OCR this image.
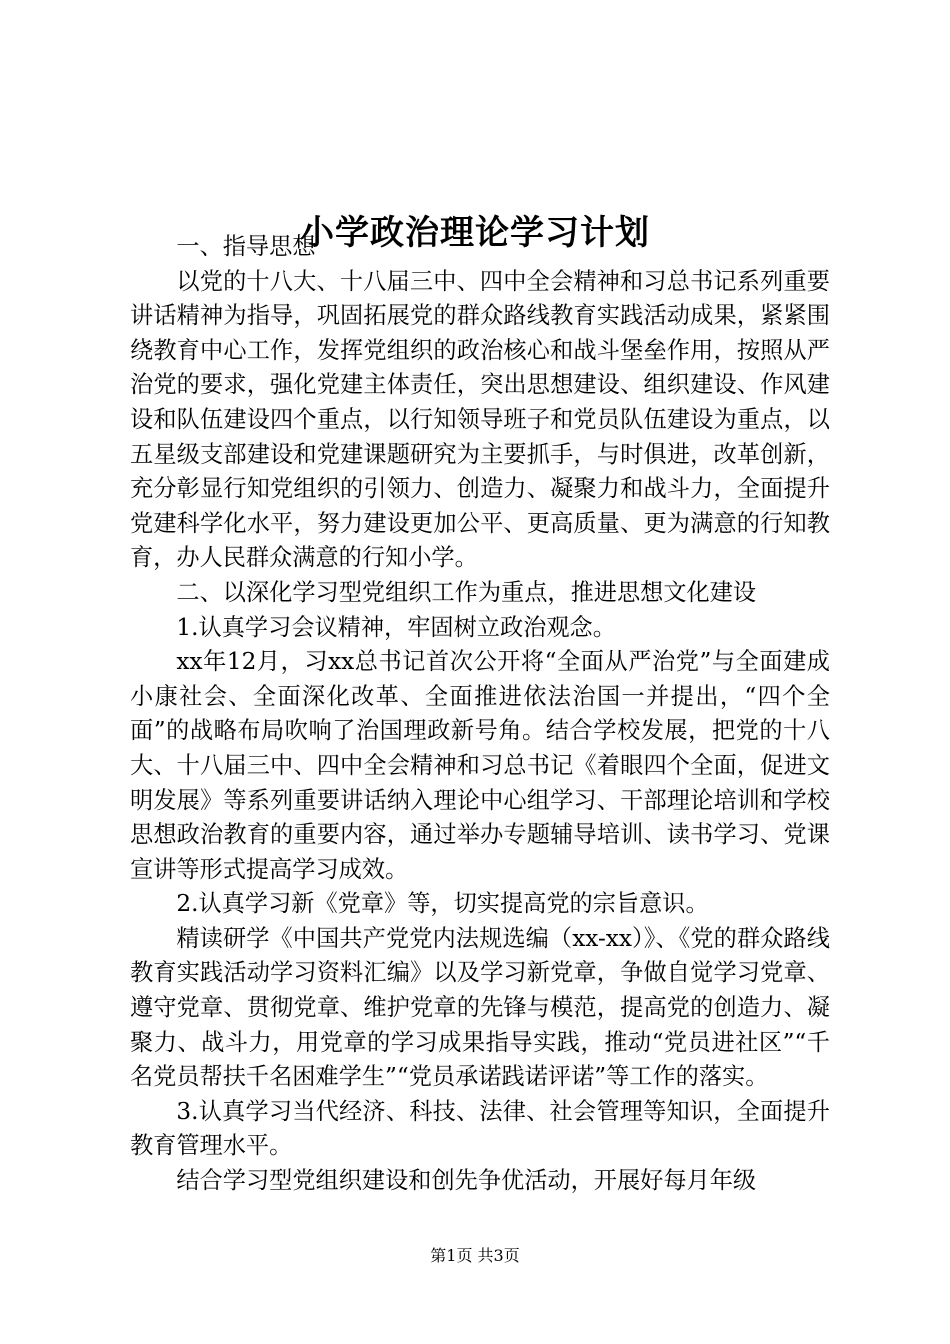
小学政治理论学习计划

一、指导思想

以党的十八大、十八届三中、四中全会精神和习总书记系列重要讲话精神为指导，巩固拓展党的群众路线教育实践活动成果，紧紧围绕教育中心工作，发挥党组织的政治核心和战斗堡垒作用，按照从严治党的要求，强化党建主体责任，突出思想建设、组织建设、作风建设和队伍建设四个重点，以行知领导班子和党员队伍建设为重点，以五星级支部建设和党建课题研究为主要抓手，与时俱进，改革创新，充分彰显行知党组织的引领力、创造力、凝聚力和战斗力，全面提升党建科学化水平，努力建设更加公平、更高质量、更为满意的行知教育，办人民群众满意的行知小学。

二、以深化学习型党组织工作为重点，推进思想文化建设

1.认真学习会议精神，牢固树立政治观念。

xx年12月，习xx总书记首次公开将“全面从严治党”与全面建成小康社会、全面深化改革、全面推进依法治国一并提出，“四个全面”的战略布局吹响了治国理政新号角。结合学校发展，把党的十八大、十八届三中、四中全会精神和习总书记《着眼四个全面，促进文明发展》等系列重要讲话纳入理论中心组学习、干部理论培训和学校思想政治教育的重要内容，通过举办专题辅导培训、读书学习、党课宣讲等形式提高学习成效。

2.认真学习新《党章》等，切实提高党的宗旨意识。

精读研学《中国共产党党内法规选编（xx-xx）》、《党的群众路线教育实践活动学习资料汇编》以及学习新党章，争做自觉学习党章、遵守党章、贯彻党章、维护党章的先锋与模范，提高党的创造力、凝聚力、战斗力，用党章的学习成果指导实践，推动“党员进社区”“千名党员帮扶千名困难学生”“党员承诺践诺评诺”等工作的落实。

3.认真学习当代经济、科技、法律、社会管理等知识，全面提升教育管理水平。

结合学习型党组织建设和创先争优活动，开展好每月年级

第1页 共3页
